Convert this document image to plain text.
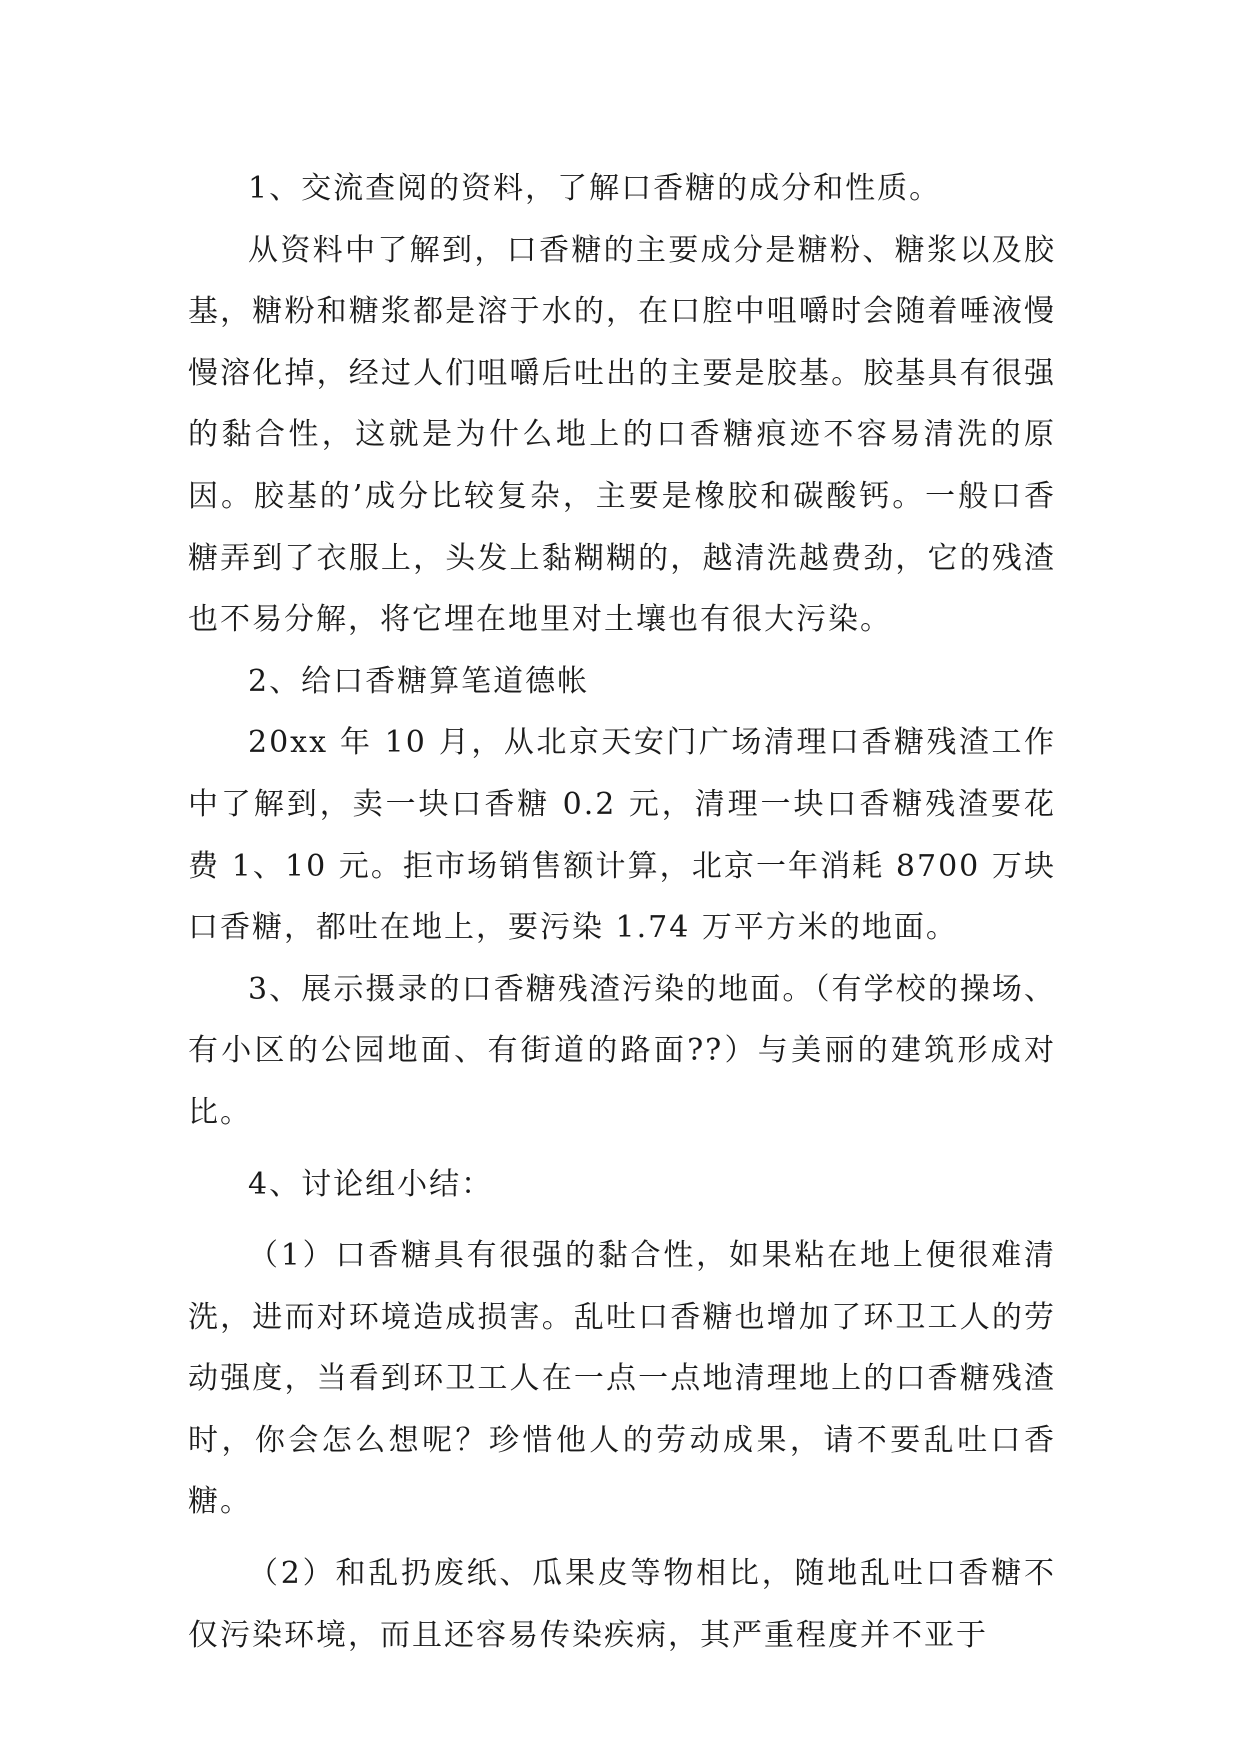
1、交流查阅的资料，了解口香糖的成分和性质。

从资料中了解到，口香糖的主要成分是糖粉、糖浆以及胶基，糖粉和糖浆都是溶于水的，在口腔中咀嚼时会随着唾液慢慢溶化掉，经过人们咀嚼后吐出的主要是胶基。胶基具有很强的黏合性，这就是为什么地上的口香糖痕迹不容易清洗的原因。胶基的’成分比较复杂，主要是橡胶和碳酸钙。一般口香糖弄到了衣服上，头发上黏糊糊的，越清洗越费劲，它的残渣也不易分解，将它埋在地里对土壤也有很大污染。

2、给口香糖算笔道德帐

20xx 年 10 月，从北京天安门广场清理口香糖残渣工作中了解到，卖一块口香糖 0.2 元，清理一块口香糖残渣要花费 1、10 元。拒市场销售额计算，北京一年消耗 8700 万块口香糖，都吐在地上，要污染 1.74 万平方米的地面。

3、展示摄录的口香糖残渣污染的地面。（有学校的操场、有小区的公园地面、有街道的路面??）与美丽的建筑形成对比。

4、讨论组小结：

（1）口香糖具有很强的黏合性，如果粘在地上便很难清洗，进而对环境造成损害。乱吐口香糖也增加了环卫工人的劳动强度，当看到环卫工人在一点一点地清理地上的口香糖残渣时，你会怎么想呢？珍惜他人的劳动成果，请不要乱吐口香糖。

（2）和乱扔废纸、瓜果皮等物相比，随地乱吐口香糖不仅污染环境，而且还容易传染疾病，其严重程度并不亚于
